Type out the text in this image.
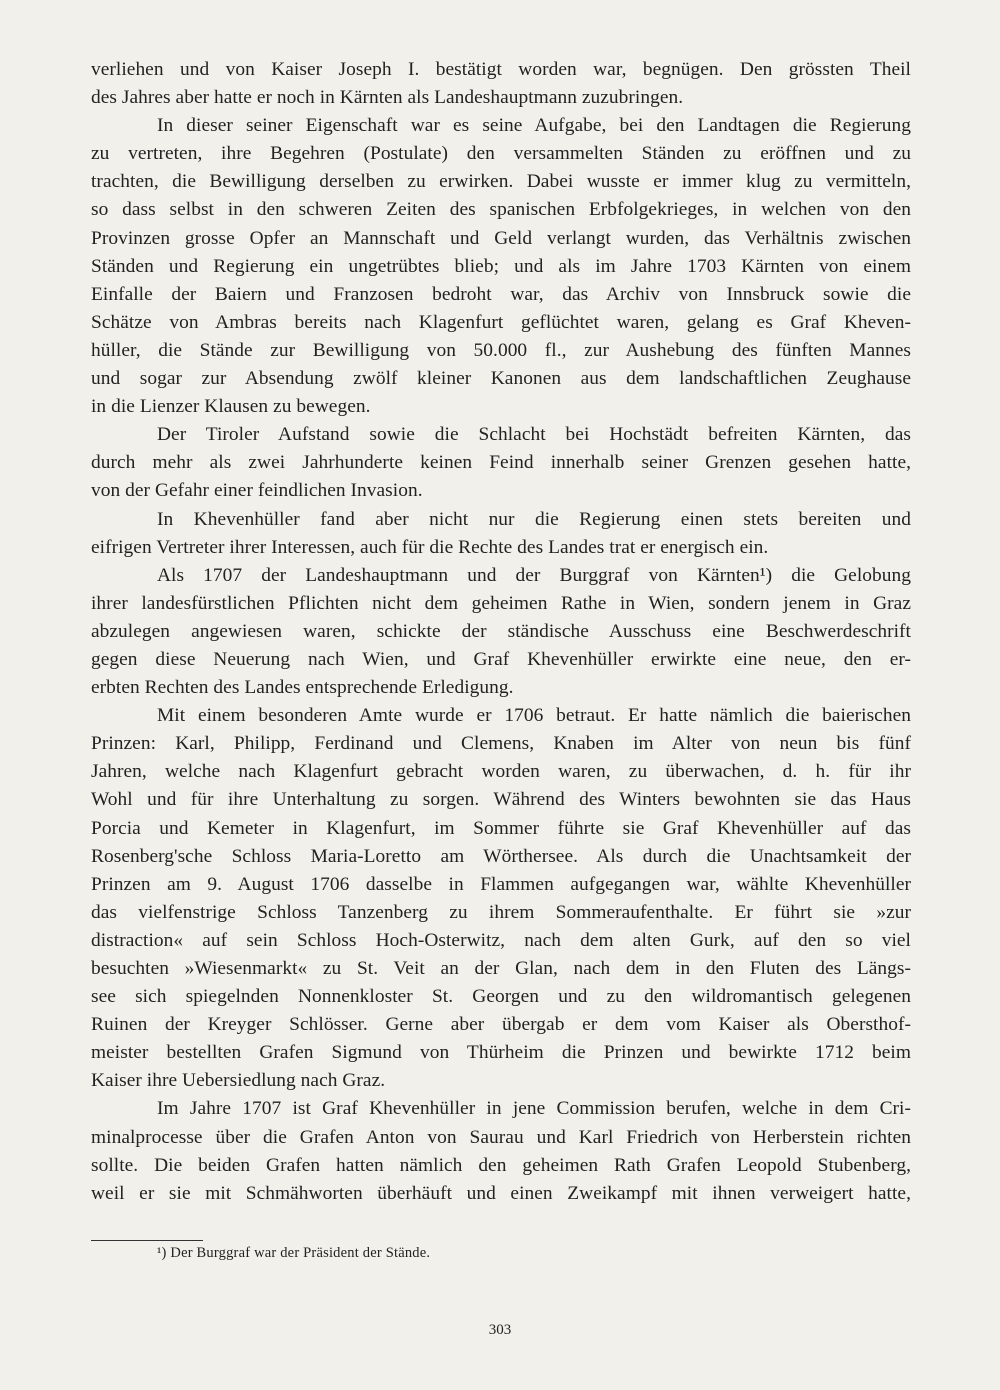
verliehen und von Kaiser Joseph I. bestätigt worden war, begnügen. Den grössten Theil
des Jahres aber hatte er noch in Kärnten als Landeshauptmann zuzubringen.
In dieser seiner Eigenschaft war es seine Aufgabe, bei den Landtagen die Regierung
zu vertreten, ihre Begehren (Postulate) den versammelten Ständen zu eröffnen und zu
trachten, die Bewilligung derselben zu erwirken. Dabei wusste er immer klug zu vermitteln,
so dass selbst in den schweren Zeiten des spanischen Erbfolgekrieges, in welchen von den
Provinzen grosse Opfer an Mannschaft und Geld verlangt wurden, das Verhältnis zwischen
Ständen und Regierung ein ungetrübtes blieb; und als im Jahre 1703 Kärnten von einem
Einfalle der Baiern und Franzosen bedroht war, das Archiv von Innsbruck sowie die
Schätze von Ambras bereits nach Klagenfurt geflüchtet waren, gelang es Graf Kheven-
hüller, die Stände zur Bewilligung von 50.000 fl., zur Aushebung des fünften Mannes
und sogar zur Absendung zwölf kleiner Kanonen aus dem landschaftlichen Zeughause
in die Lienzer Klausen zu bewegen.
Der Tiroler Aufstand sowie die Schlacht bei Hochstädt befreiten Kärnten, das
durch mehr als zwei Jahrhunderte keinen Feind innerhalb seiner Grenzen gesehen hatte,
von der Gefahr einer feindlichen Invasion.
In Khevenhüller fand aber nicht nur die Regierung einen stets bereiten und
eifrigen Vertreter ihrer Interessen, auch für die Rechte des Landes trat er energisch ein.
Als 1707 der Landeshauptmann und der Burggraf von Kärnten¹) die Gelobung
ihrer landesfürstlichen Pflichten nicht dem geheimen Rathe in Wien, sondern jenem in Graz
abzulegen angewiesen waren, schickte der ständische Ausschuss eine Beschwerdeschrift
gegen diese Neuerung nach Wien, und Graf Khevenhüller erwirkte eine neue, den er-
erbten Rechten des Landes entsprechende Erledigung.
Mit einem besonderen Amte wurde er 1706 betraut. Er hatte nämlich die baierischen
Prinzen: Karl, Philipp, Ferdinand und Clemens, Knaben im Alter von neun bis fünf
Jahren, welche nach Klagenfurt gebracht worden waren, zu überwachen, d. h. für ihr
Wohl und für ihre Unterhaltung zu sorgen. Während des Winters bewohnten sie das Haus
Porcia und Kemeter in Klagenfurt, im Sommer führte sie Graf Khevenhüller auf das
Rosenberg'sche Schloss Maria-Loretto am Wörthersee. Als durch die Unachtsamkeit der
Prinzen am 9. August 1706 dasselbe in Flammen aufgegangen war, wählte Khevenhüller
das vielfenstrige Schloss Tanzenberg zu ihrem Sommeraufenthalte. Er führt sie »zur
distraction« auf sein Schloss Hoch-Osterwitz, nach dem alten Gurk, auf den so viel
besuchten »Wiesenmarkt« zu St. Veit an der Glan, nach dem in den Fluten des Längs-
see sich spiegelnden Nonnenkloster St. Georgen und zu den wildromantisch gelegenen
Ruinen der Kreyger Schlösser. Gerne aber übergab er dem vom Kaiser als Obersthof-
meister bestellten Grafen Sigmund von Thürheim die Prinzen und bewirkte 1712 beim
Kaiser ihre Uebersiedlung nach Graz.
Im Jahre 1707 ist Graf Khevenhüller in jene Commission berufen, welche in dem Cri-
minalprocesse über die Grafen Anton von Saurau und Karl Friedrich von Herberstein richten
sollte. Die beiden Grafen hatten nämlich den geheimen Rath Grafen Leopold Stubenberg,
weil er sie mit Schmähworten überhäuft und einen Zweikampf mit ihnen verweigert hatte,
¹) Der Burggraf war der Präsident der Stände.
303
